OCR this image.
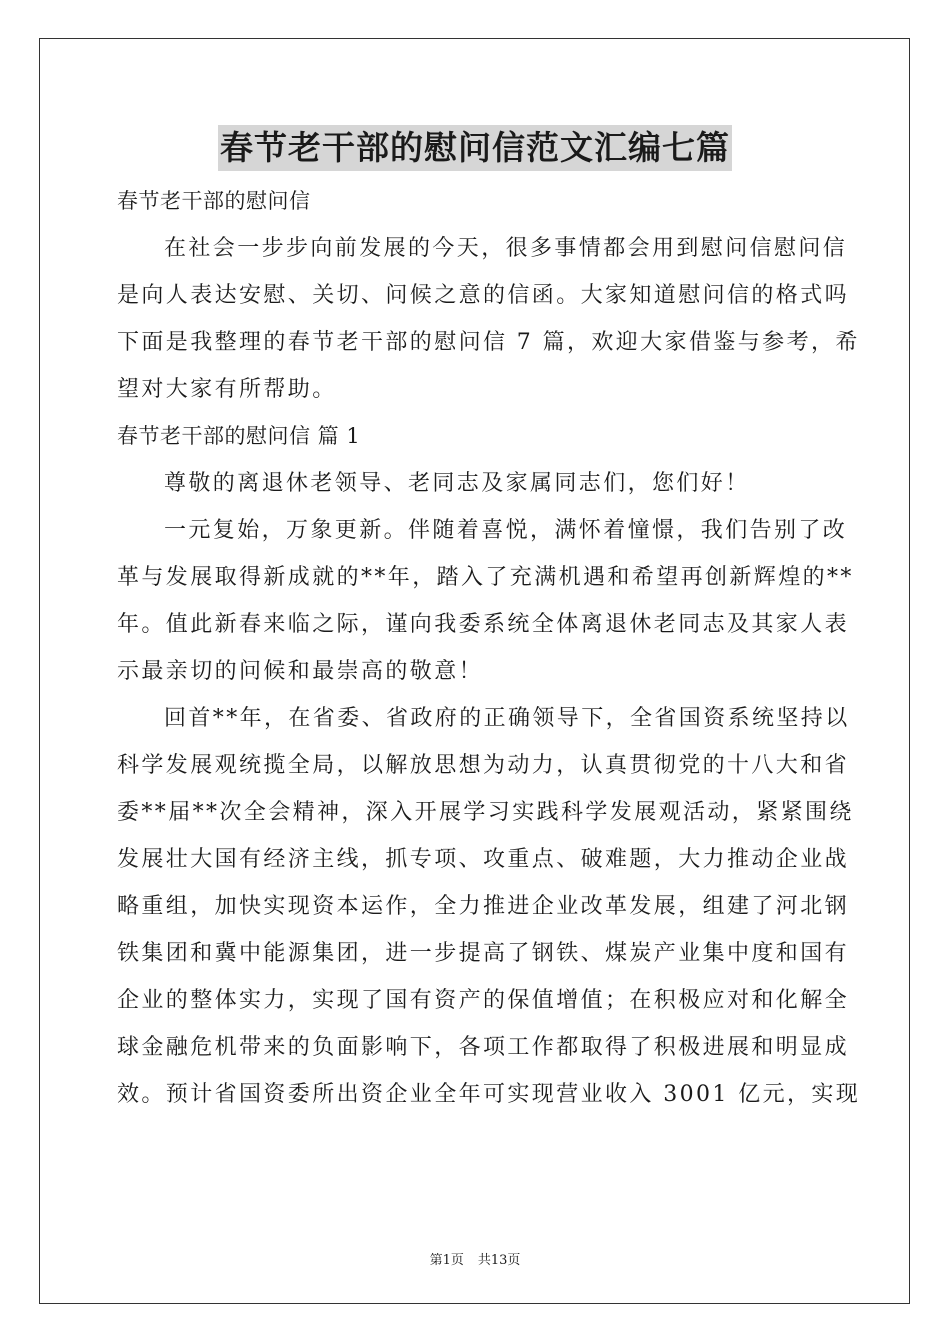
春节老干部的慰问信范文汇编七篇
春节老干部的慰问信
在社会一步步向前发展的今天，很多事情都会用到慰问信慰问信
是向人表达安慰、关切、问候之意的信函。大家知道慰问信的格式吗
下面是我整理的春节老干部的慰问信 7 篇，欢迎大家借鉴与参考，希
望对大家有所帮助。
春节老干部的慰问信 篇 1
尊敬的离退休老领导、老同志及家属同志们，您们好！
一元复始，万象更新。伴随着喜悦，满怀着憧憬，我们告别了改
革与发展取得新成就的**年，踏入了充满机遇和希望再创新辉煌的**
年。值此新春来临之际，谨向我委系统全体离退休老同志及其家人表
示最亲切的问候和最崇高的敬意！
回首**年，在省委、省政府的正确领导下，全省国资系统坚持以
科学发展观统揽全局，以解放思想为动力，认真贯彻党的十八大和省
委**届**次全会精神，深入开展学习实践科学发展观活动，紧紧围绕
发展壮大国有经济主线，抓专项、攻重点、破难题，大力推动企业战
略重组，加快实现资本运作，全力推进企业改革发展，组建了河北钢
铁集团和冀中能源集团，进一步提高了钢铁、煤炭产业集中度和国有
企业的整体实力，实现了国有资产的保值增值；在积极应对和化解全
球金融危机带来的负面影响下，各项工作都取得了积极进展和明显成
效。预计省国资委所出资企业全年可实现营业收入 3001 亿元，实现
第1页 共13页
